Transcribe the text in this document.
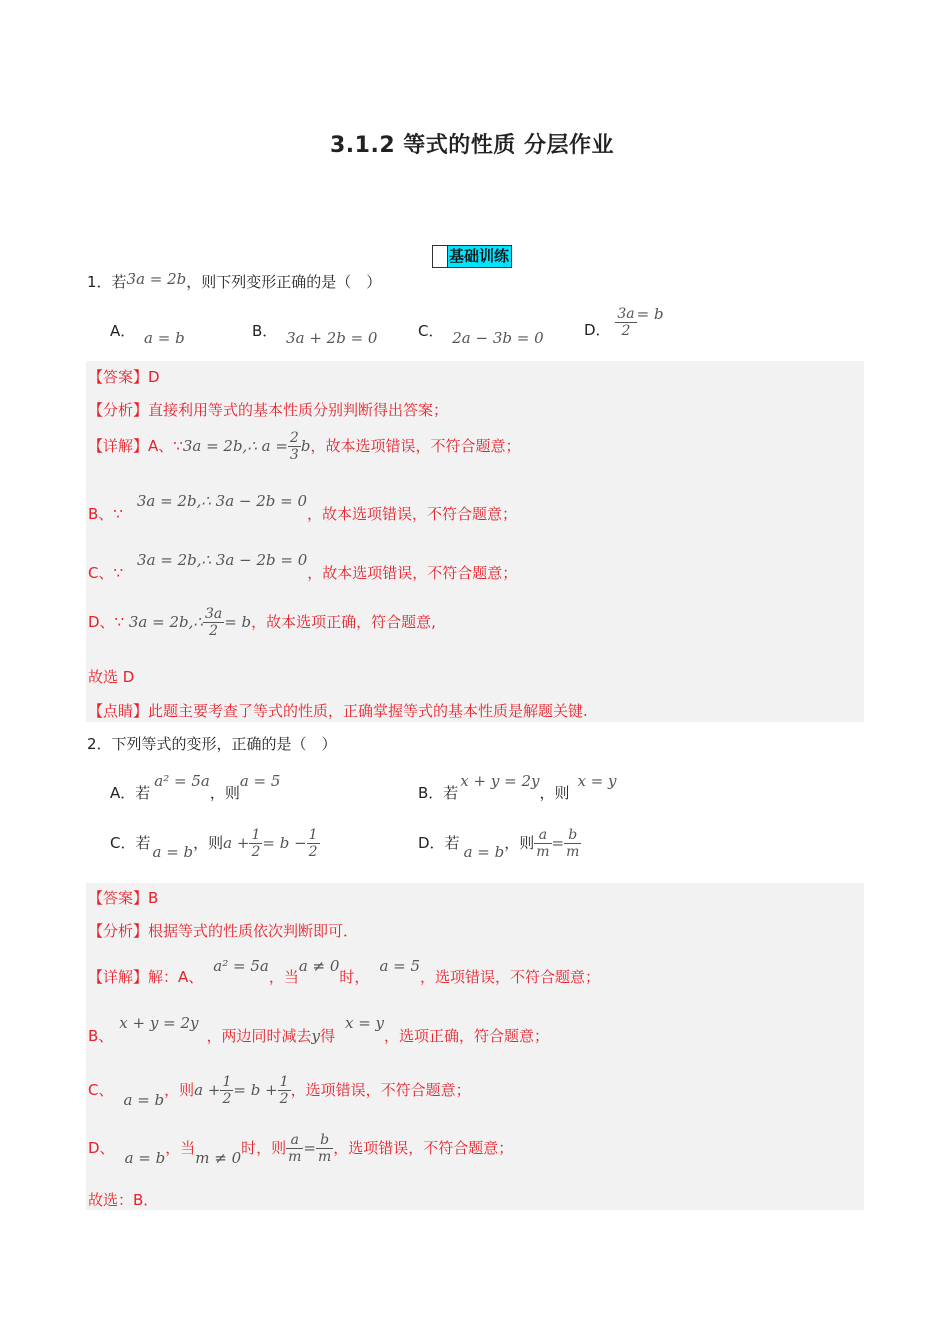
3.1.2 等式的性质 分层作业
基础训练
1．若3a = 2b，则下列变形正确的是（　）
A． a = b	B． 3a + 2b = 0	C． 2a − 3b = 0	D． $\frac{3a}{2} = b$
【答案】D
【分析】直接利用等式的基本性质分别判断得出答案；
【详解】A、∵3a = 2b,∴ $a = \frac{2}{3}$ b，故本选项错误，不符合题意；
B、∵3a = 2b,∴ 3a − 2b = 0，故本选项错误，不符合题意；
C、∵3a = 2b,∴ 3a − 2b = 0，故本选项错误，不符合题意；
D、∵ 3a = 2b,∴ $\frac{3a}{2} = b$，故本选项正确，符合题意,
故选 D
【点睛】此题主要考查了等式的性质，正确掌握等式的基本性质是解题关键.
2．下列等式的变形，正确的是（　）
A．若a² = 5a，则a = 5
B．若x + y = 2y，则x = y
C．若 a = b，则$a + \frac{1}{2} = b - \frac{1}{2}$	D．若 a = b，则 $\frac{a}{m} = \frac{b}{m}$
【答案】B
【分析】根据等式的性质依次判断即可．
【详解】解：A、a² = 5a，当a ≠ 0时，a = 5，选项错误，不符合题意；
B、x + y = 2y，两边同时减去y得x = y，选项正确，符合题意；
C、a = b，则$a + \frac{1}{2} = b + \frac{1}{2}$ ，选项错误，不符合题意；
D、a = b，当m ≠ 0时，则 $\frac{a}{m} = \frac{b}{m}$ ，选项错误，不符合题意；
故选：B．
